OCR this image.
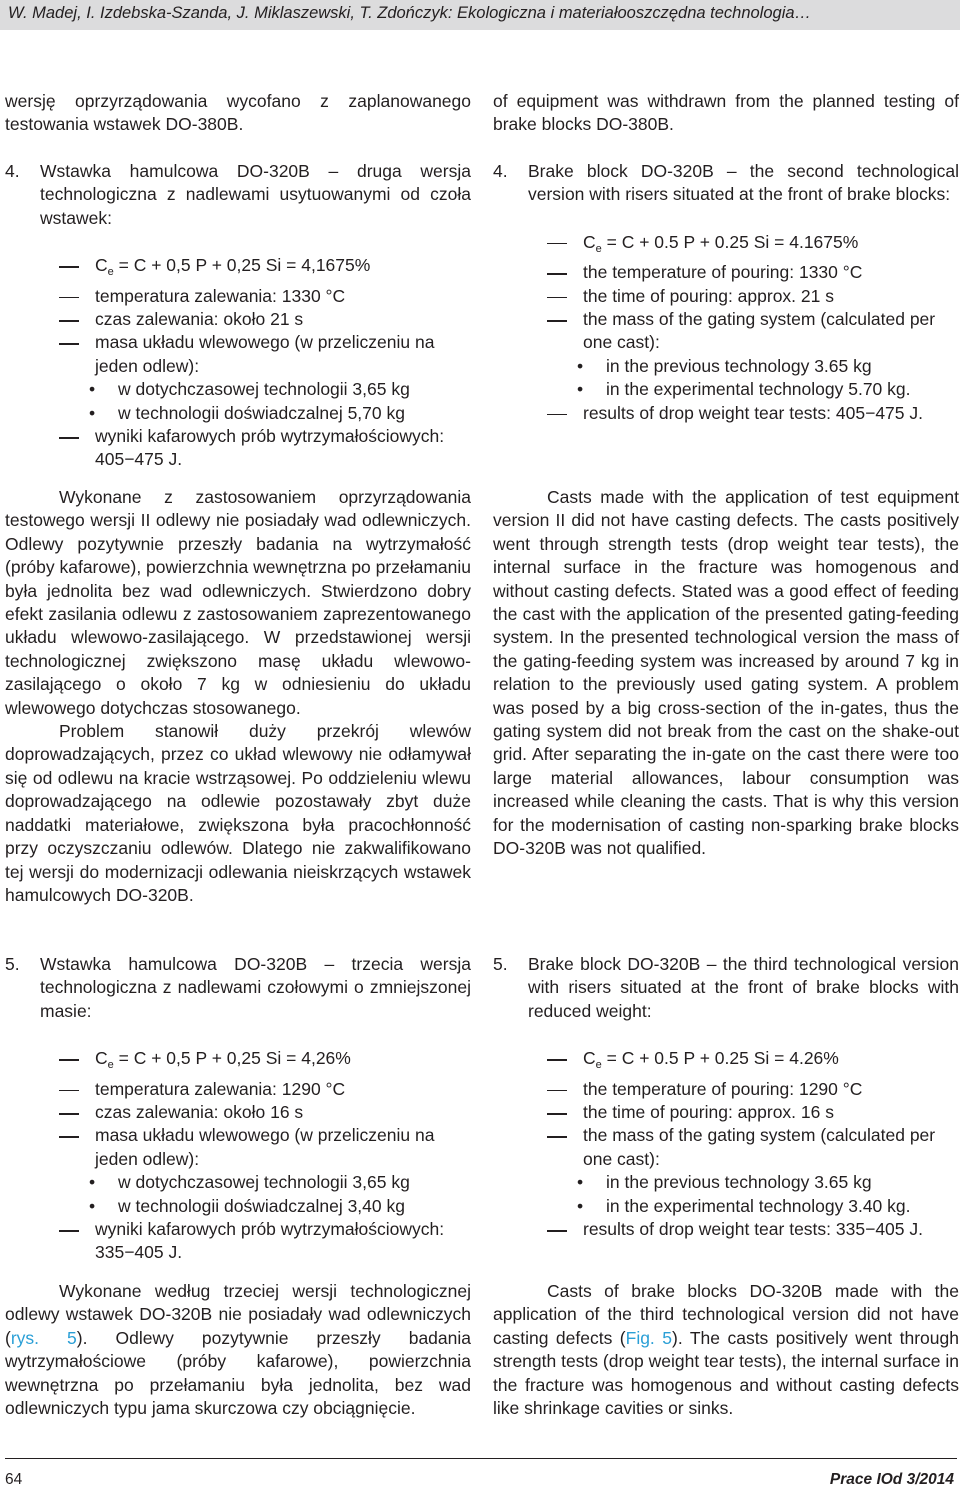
W. Madej, I. Izdebska-Szanda, J. Miklaszewski, T. Zdończyk: Ekologiczna i materiałooszczędna technologia…
wersję oprzyrządowania wycofano z zaplanowanego testowania wstawek DO-380B.
4. Wstawka hamulcowa DO-320B – druga wersja technologiczna z nadlewami usytuowanymi od czoła wstawek:
$C_e = C + 0,5$ P + 0,25 Si = 4,1675%
temperatura zalewania: 1330 °C
czas zalewania: około 21 s
masa układu wlewowego (w przeliczeniu na jeden odlew):
• w dotychczasowej technologii 3,65 kg
• w technologii doświadczalnej 5,70 kg
wyniki kafarowych prób wytrzymałościowych: 405−475 J.
Wykonane z zastosowaniem oprzyrządowania testowego wersji II odlewy nie posiadały wad odlewniczych. Odlewy pozytywnie przeszły badania na wytrzymałość (próby kafarowe), powierzchnia wewnętrzna po przełamaniu była jednolita bez wad odlewniczych. Stwierdzono dobry efekt zasilania odlewu z zastosowaniem zaprezentowanego układu wlewowo-zasilającego. W przedstawionej wersji technologicznej zwiększono masę układu wlewowo-zasilającego o około 7 kg w odniesieniu do układu wlewowego dotychczas stosowanego.
Problem stanowił duży przekrój wlewów doprowadzających, przez co układ wlewowy nie odłamywał się od odlewu na kracie wstrząsowej. Po oddzieleniu wlewu doprowadzającego na odlewie pozostawały zbyt duże naddatki materiałowe, zwiększona była pracochłonność przy oczyszczaniu odlewów. Dlatego nie zakwalifikowano tej wersji do modernizacji odlewania nieiskrzących wstawek hamulcowych DO-320B.
5. Wstawka hamulcowa DO-320B – trzecia wersja technologiczna z nadlewami czołowymi o zmniejszonej masie:
$C_e = C + 0,5$ P + 0,25 Si = 4,26%
temperatura zalewania: 1290 °C
czas zalewania: około 16 s
masa układu wlewowego (w przeliczeniu na jeden odlew):
• w dotychczasowej technologii 3,65 kg
• w technologii doświadczalnej 3,40 kg
wyniki kafarowych prób wytrzymałościowych: 335−405 J.
Wykonane według trzeciej wersji technologicznej odlewy wstawek DO-320B nie posiadały wad odlewniczych (rys. 5). Odlewy pozytywnie przeszły badania wytrzymałościowe (próby kafarowe), powierzchnia wewnętrzna po przełamaniu była jednolita, bez wad odlewniczych typu jama skurczowa czy obciągnięcie.
of equipment was withdrawn from the planned testing of brake blocks DO-380B.
4. Brake block DO-320B – the second technological version with risers situated at the front of brake blocks:
$C_e = C + 0.5$ P + 0.25 Si = 4.1675%
the temperature of pouring: 1330 °C
the time of pouring: approx. 21 s
the mass of the gating system (calculated per one cast):
• in the previous technology 3.65 kg
• in the experimental technology 5.70 kg.
results of drop weight tear tests: 405−475 J.
Casts made with the application of test equipment version II did not have casting defects. The casts positively went through strength tests (drop weight tear tests), the internal surface in the fracture was homogenous and without casting defects. Stated was a good effect of feeding the cast with the application of the presented gating-feeding system. In the presented technological version the mass of the gating-feeding system was increased by around 7 kg in relation to the previously used gating system. A problem was posed by a big cross-section of the in-gates, thus the gating system did not break from the cast on the shake-out grid. After separating the in-gate on the cast there were too large material allowances, labour consumption was increased while cleaning the casts. That is why this version for the modernisation of casting non-sparking brake blocks DO-320B was not qualified.
5. Brake block DO-320B – the third technological version with risers situated at the front of brake blocks with reduced weight:
$C_e = C + 0.5$ P + 0.25 Si = 4.26%
the temperature of pouring: 1290 °C
the time of pouring: approx. 16 s
the mass of the gating system (calculated per one cast):
• in the previous technology 3.65 kg
• in the experimental technology 3.40 kg.
results of drop weight tear tests: 335−405 J.
Casts of brake blocks DO-320B made with the application of the third technological version did not have casting defects (Fig. 5). The casts positively went through strength tests (drop weight tear tests), the internal surface in the fracture was homogenous and without casting defects like shrinkage cavities or sinks.
64	Prace IOd 3/2014
